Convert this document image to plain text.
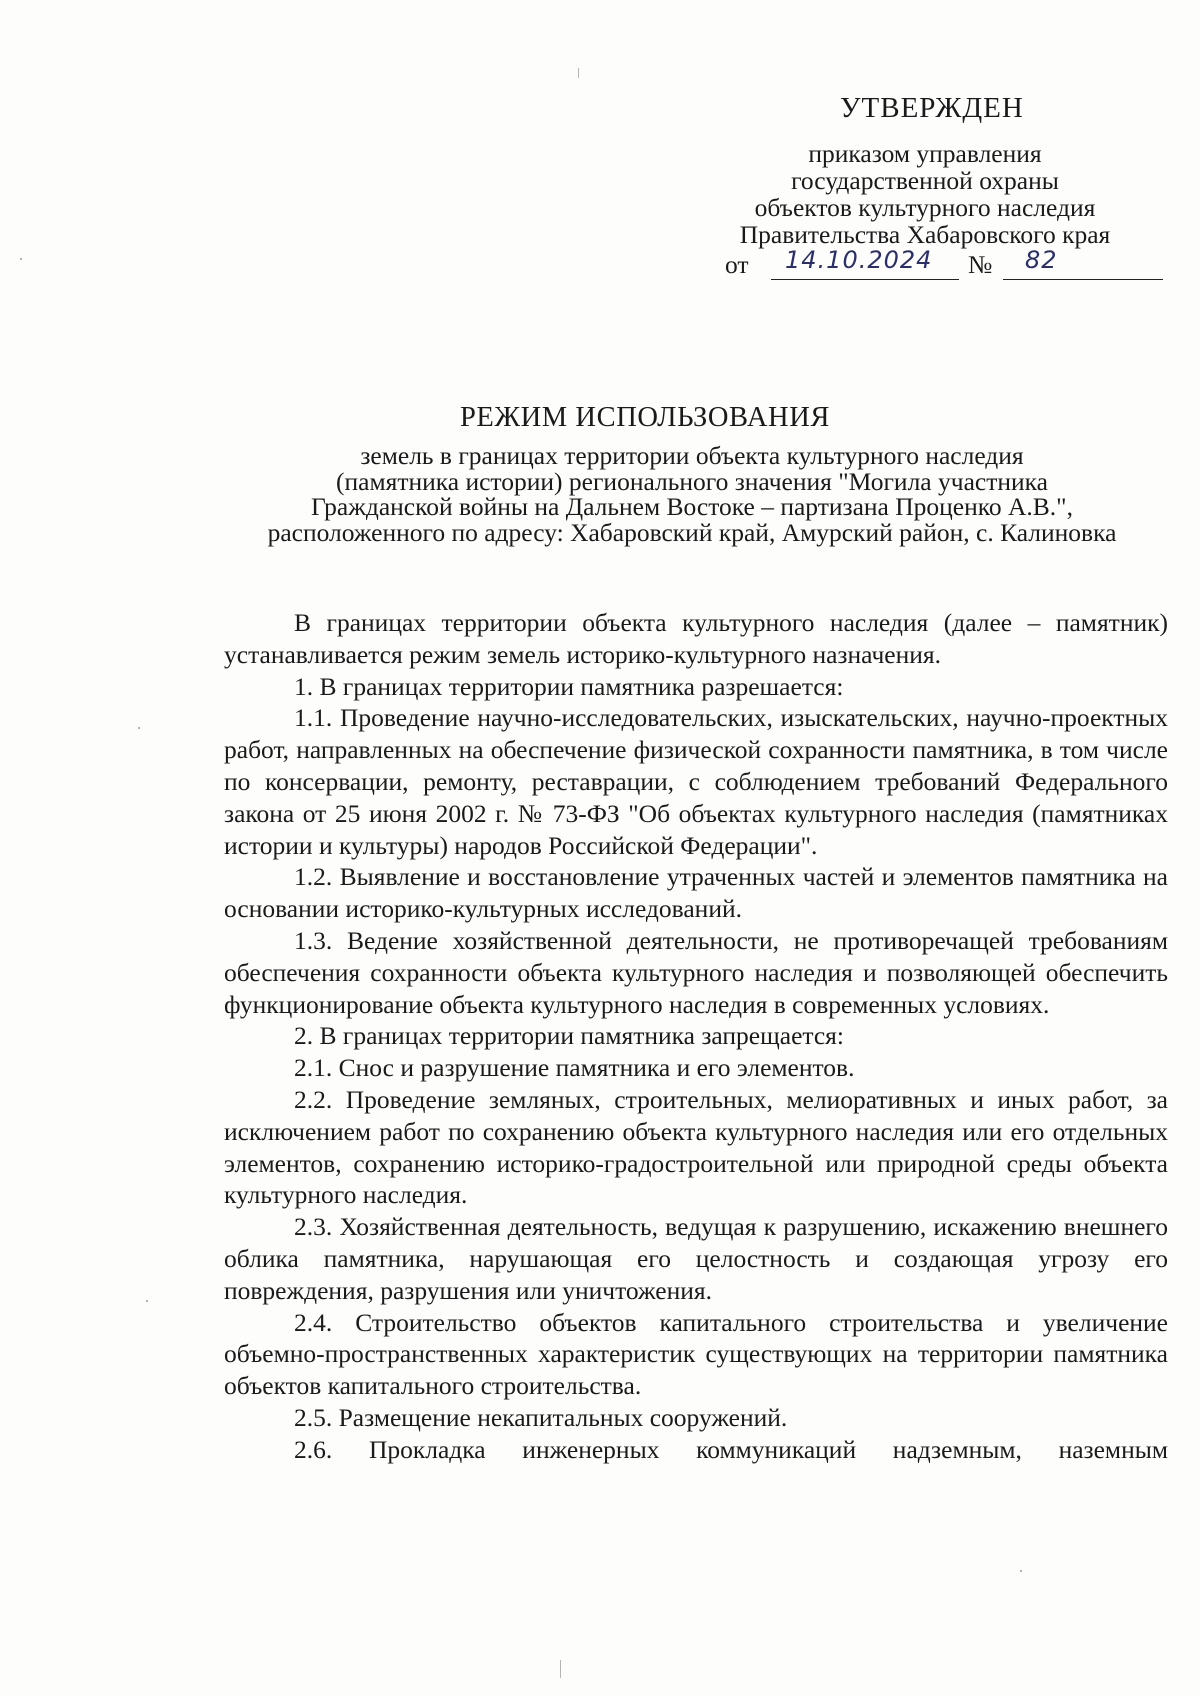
УТВЕРЖДЕН
приказом управления
государственной охраны
объектов культурного наследия
Правительства Хабаровского края
от 14.10.2024 № 82
РЕЖИМ ИСПОЛЬЗОВАНИЯ
земель в границах территории объекта культурного наследия
(памятника истории) регионального значения "Могила участника
Гражданской войны на Дальнем Востоке – партизана Проценко А.В.",
расположенного по адресу: Хабаровский край, Амурский район, с. Калиновка

В границах территории объекта культурного наследия (далее – памятник) устанавливается режим земель историко-культурного назначения.

1. В границах территории памятника разрешается:

1.1. Проведение научно-исследовательских, изыскательских, научно-проектных работ, направленных на обеспечение физической сохранности памятника, в том числе по консервации, ремонту, реставрации, с соблюдением требований Федерального закона от 25 июня 2002 г. № 73-ФЗ "Об объектах культурного наследия (памятниках истории и культуры) народов Российской Федерации".

1.2. Выявление и восстановление утраченных частей и элементов памятника на основании историко-культурных исследований.

1.3. Ведение хозяйственной деятельности, не противоречащей требованиям обеспечения сохранности объекта культурного наследия и позволяющей обеспечить функционирование объекта культурного наследия в современных условиях.

2. В границах территории памятника запрещается:

2.1. Снос и разрушение памятника и его элементов.

2.2. Проведение земляных, строительных, мелиоративных и иных работ, за исключением работ по сохранению объекта культурного наследия или его отдельных элементов, сохранению историко-градостроительной или природной среды объекта культурного наследия.

2.3. Хозяйственная деятельность, ведущая к разрушению, искажению внешнего облика памятника, нарушающая его целостность и создающая угрозу его повреждения, разрушения или уничтожения.

2.4. Строительство объектов капитального строительства и увеличение объемно-пространственных характеристик существующих на территории памятника объектов капитального строительства.

2.5. Размещение некапитальных сооружений.

2.6. Прокладка инженерных коммуникаций надземным, наземным
